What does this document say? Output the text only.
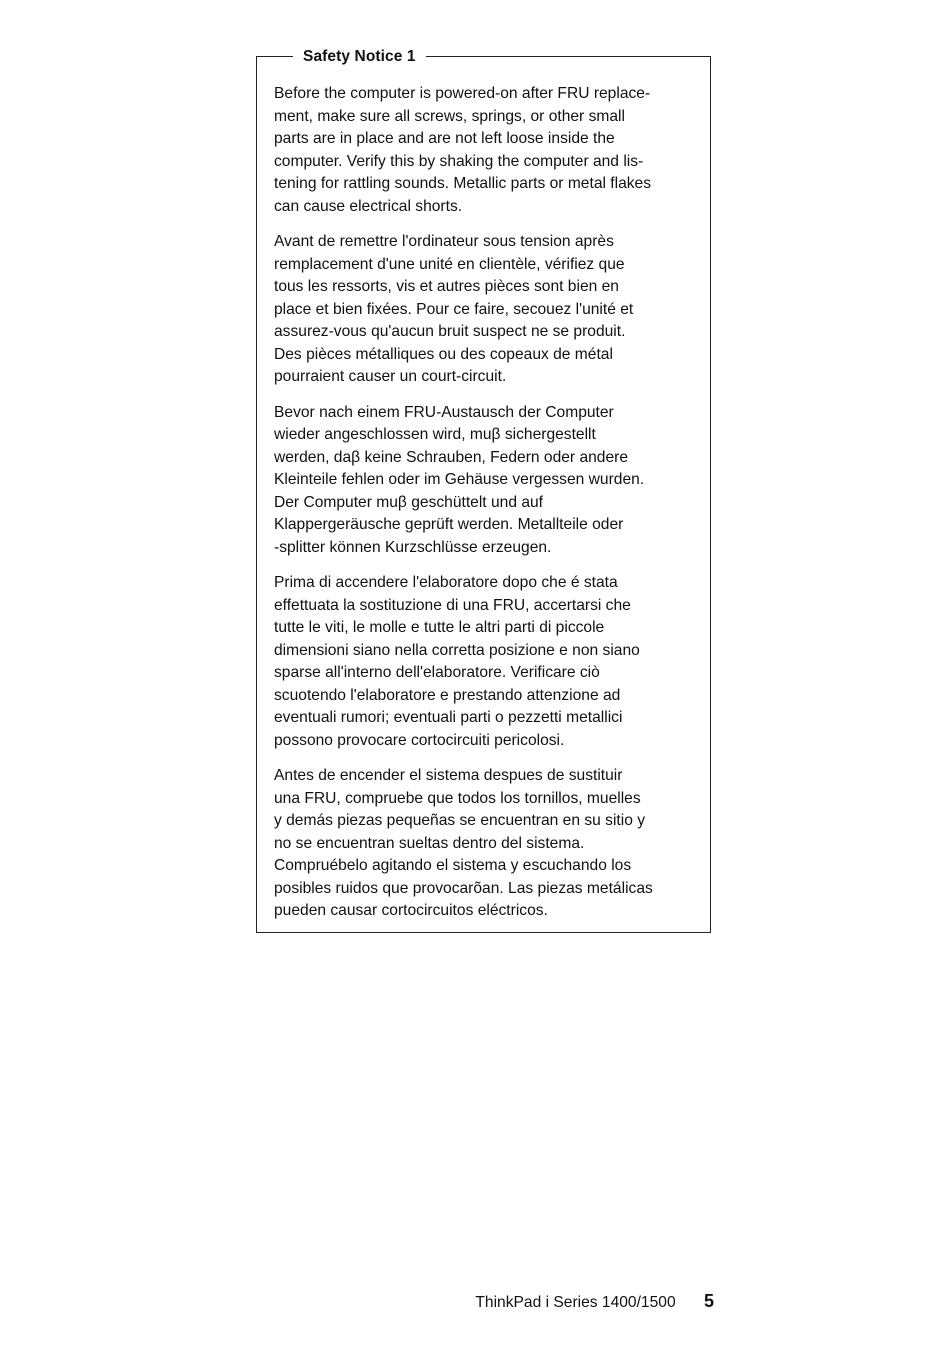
Safety Notice 1

Before the computer is powered-on after FRU replace-
ment, make sure all screws, springs, or other small
parts are in place and are not left loose inside the
computer. Verify this by shaking the computer and lis-
tening for rattling sounds. Metallic parts or metal flakes
can cause electrical shorts.

Avant de remettre l'ordinateur sous tension après
remplacement d'une unité en clientèle, vérifiez que
tous les ressorts, vis et autres pièces sont bien en
place et bien fixées. Pour ce faire, secouez l'unité et
assurez-vous qu'aucun bruit suspect ne se produit.
Des pièces métalliques ou des copeaux de métal
pourraient causer un court-circuit.

Bevor nach einem FRU-Austausch der Computer
wieder angeschlossen wird, muβ sichergestellt
werden, daβ keine Schrauben, Federn oder andere
Kleinteile fehlen oder im Gehäuse vergessen wurden.
Der Computer muβ geschüttelt und auf
Klappergeräusche geprüft werden. Metallteile oder
-splitter können Kurzschlüsse erzeugen.

Prima di accendere l'elaboratore dopo che é stata
effettuata la sostituzione di una FRU, accertarsi che
tutte le viti, le molle e tutte le altri parti di piccole
dimensioni siano nella corretta posizione e non siano
sparse all'interno dell'elaboratore. Verificare ciò
scuotendo l'elaboratore e prestando attenzione ad
eventuali rumori; eventuali parti o pezzetti metallici
possono provocare cortocircuiti pericolosi.

Antes de encender el sistema despues de sustituir
una FRU, compruebe que todos los tornillos, muelles
y demás piezas pequeñas se encuentran en su sitio y
no se encuentran sueltas dentro del sistema.
Compruébelo agitando el sistema y escuchando los
posibles ruidos que provocarõan. Las piezas metálicas
pueden causar cortocircuitos eléctricos.

ThinkPad i Series 1400/1500 5
